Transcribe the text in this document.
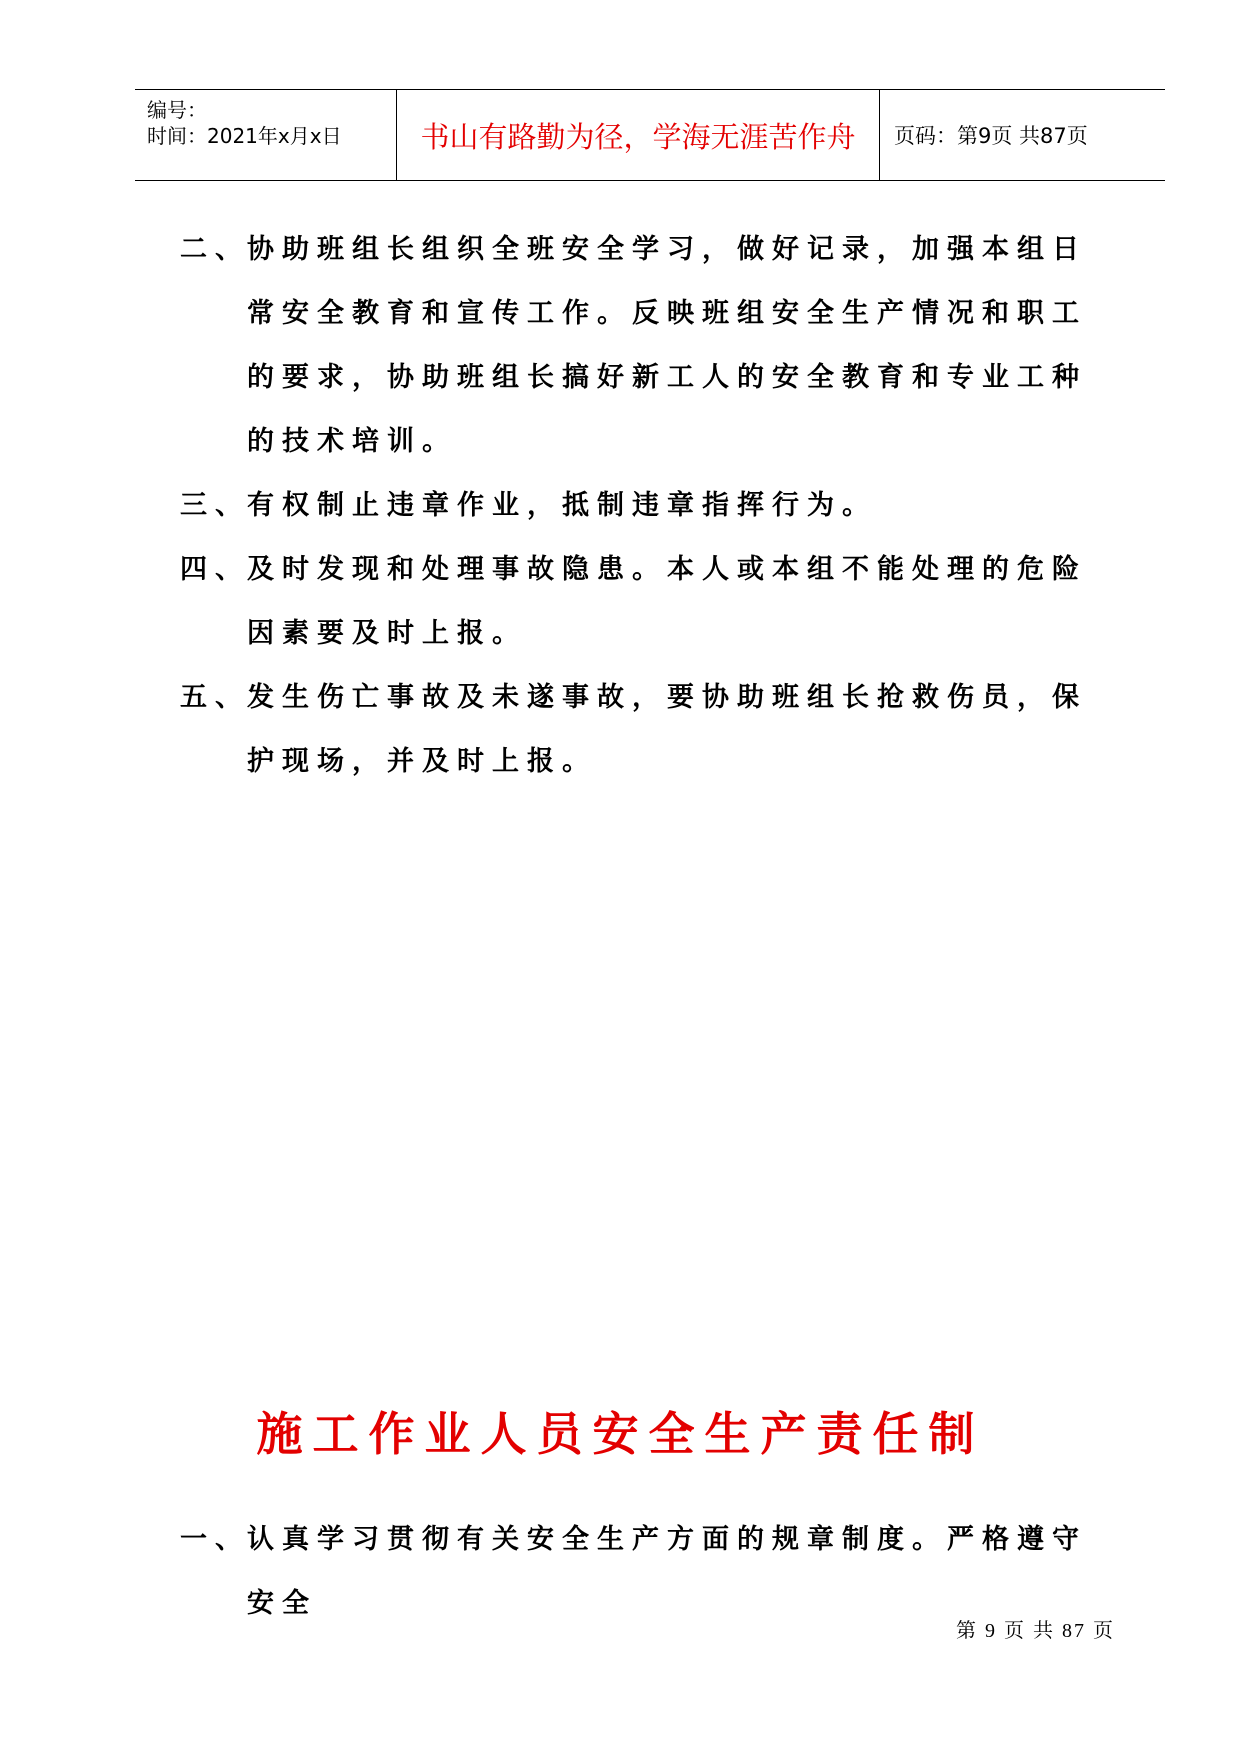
编号：
时间：2021年x月x日	书山有路勤为径，学海无涯苦作舟 页码：第9页 共87页
二、
协助班组长组织全班安全学习，做好记录，加强本组日常安全教育和宣传工作。反映班组安全生产情况和职工的要求，协助班组长搞好新工人的安全教育和专业工种的技术培训。
三、
有权制止违章作业，抵制违章指挥行为。
四、
及时发现和处理事故隐患。本人或本组不能处理的危险因素要及时上报。
五、
发生伤亡事故及未遂事故，要协助班组长抢救伤员，保护现场，并及时上报。
施工作业人员安全生产责任制
一、
认真学习贯彻有关安全生产方面的规章制度。严格遵守安全
第 9 页 共 87 页
